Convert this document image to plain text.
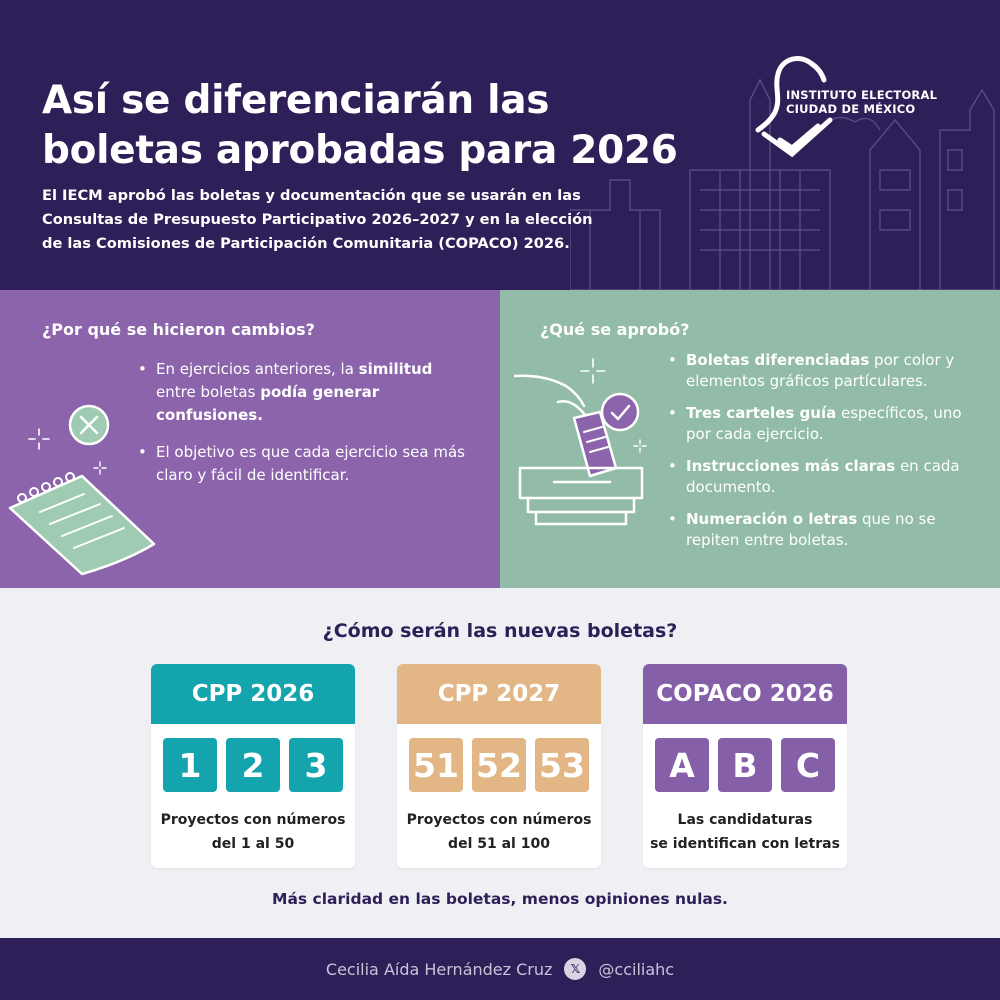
Así se diferenciarán las
boletas aprobadas para 2026
El IECM aprobó las boletas y documentación que se usarán en las
Consultas de Presupuesto Participativo 2026–2027 y en la elección
de las Comisiones de Participación Comunitaria (COPACO) 2026.
INSTITUTO ELECTORAL
CIUDAD DE MÉXICO
¿Por qué se hicieron cambios?
• En ejercicios anteriores, la similitud entre boletas podía generar confusiones.
• El objetivo es que cada ejercicio sea más claro y fácil de identificar.
¿Qué se aprobó?
• Boletas diferenciadas por color y elementos gráficos partículares.
• Tres carteles guía específicos, uno por cada ejercicio.
• Instrucciones más claras en cada documento.
• Numeración o letras que no se repiten entre boletas.
¿Cómo serán las nuevas boletas?
CPP 2026
1	2	3
Proyectos con números
del 1 al 50
CPP 2027
51 52 53
Proyectos con números
del 51 al 100
COPACO 2026
A	B	C
Las candidaturas
se identifican con letras
Más claridad en las boletas, menos opiniones nulas.
Cecilia Aída Hernández Cruz	𝕏	@cciliahc
